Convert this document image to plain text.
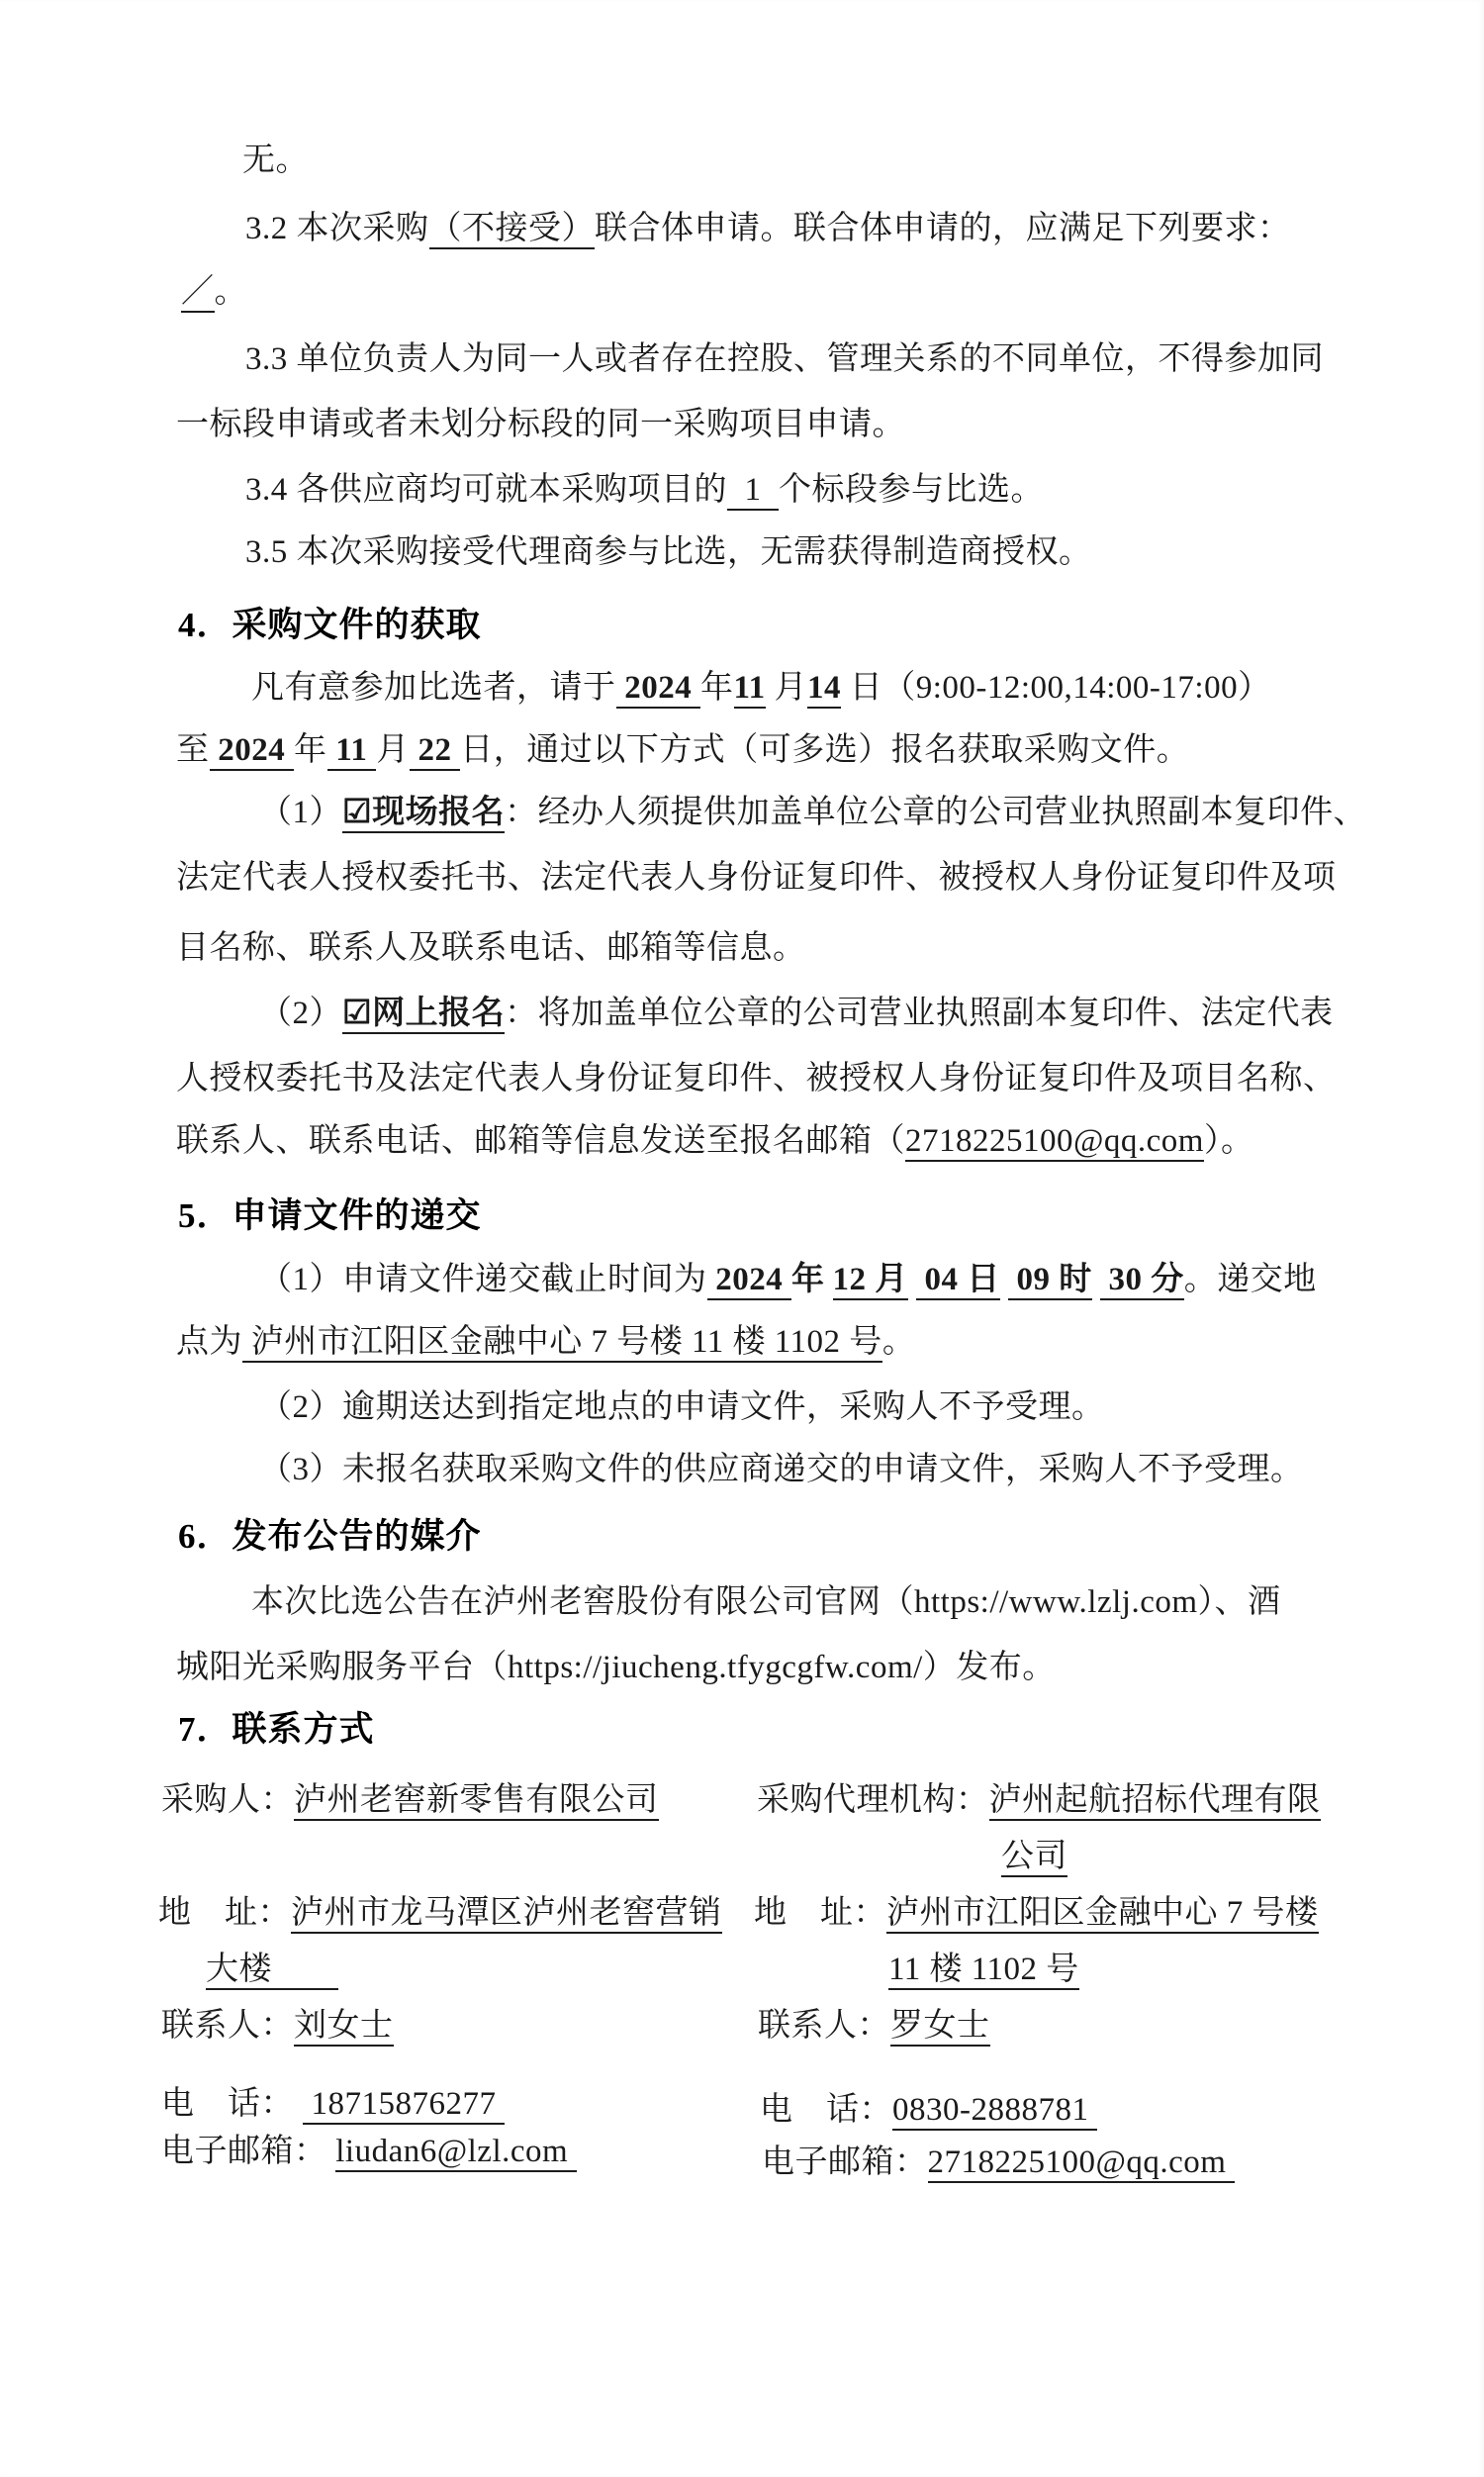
无。
3.2 本次采购（不接受）联合体申请。联合体申请的，应满足下列要求：
／。
3.3 单位负责人为同一人或者存在控股、管理关系的不同单位，不得参加同
一标段申请或者未划分标段的同一采购项目申请。
3.4 各供应商均可就本采购项目的  1  个标段参与比选。
3.5 本次采购接受代理商参与比选，无需获得制造商授权。
4．采购文件的获取
凡有意参加比选者，请于 2024 年11 月14 日（9:00-12:00,14:00-17:00）
至 2024 年 11 月 22 日，通过以下方式（可多选）报名获取采购文件。
（1）☑现场报名：经办人须提供加盖单位公章的公司营业执照副本复印件、
法定代表人授权委托书、法定代表人身份证复印件、被授权人身份证复印件及项
目名称、联系人及联系电话、邮箱等信息。
（2）☑网上报名：将加盖单位公章的公司营业执照副本复印件、法定代表
人授权委托书及法定代表人身份证复印件、被授权人身份证复印件及项目名称、
联系人、联系电话、邮箱等信息发送至报名邮箱（2718225100@qq.com）。
5．申请文件的递交
（1）申请文件递交截止时间为 2024 年 12 月 04 日 09 时 30 分。递交地
点为 泸州市江阳区金融中心 7 号楼 11 楼 1102 号。
（2）逾期送达到指定地点的申请文件，采购人不予受理。
（3）未报名获取采购文件的供应商递交的申请文件，采购人不予受理。
6．发布公告的媒介
本次比选公告在泸州老窖股份有限公司官网（https://www.lzlj.com）、酒
城阳光采购服务平台（https://jiucheng.tfygcgfw.com/）发布。
7．联系方式
采购人：泸州老窖新零售有限公司
地　址：泸州市龙马潭区泸州老窖营销
大楼　　
联系人：刘女士
电　话：  18715876277
电子邮箱： liudan6@lzl.com
采购代理机构：泸州起航招标代理有限
公司
地　址：泸州市江阳区金融中心 7 号楼
11 楼 1102 号
联系人：罗女士
电　话：0830-2888781
电子邮箱：2718225100@qq.com
